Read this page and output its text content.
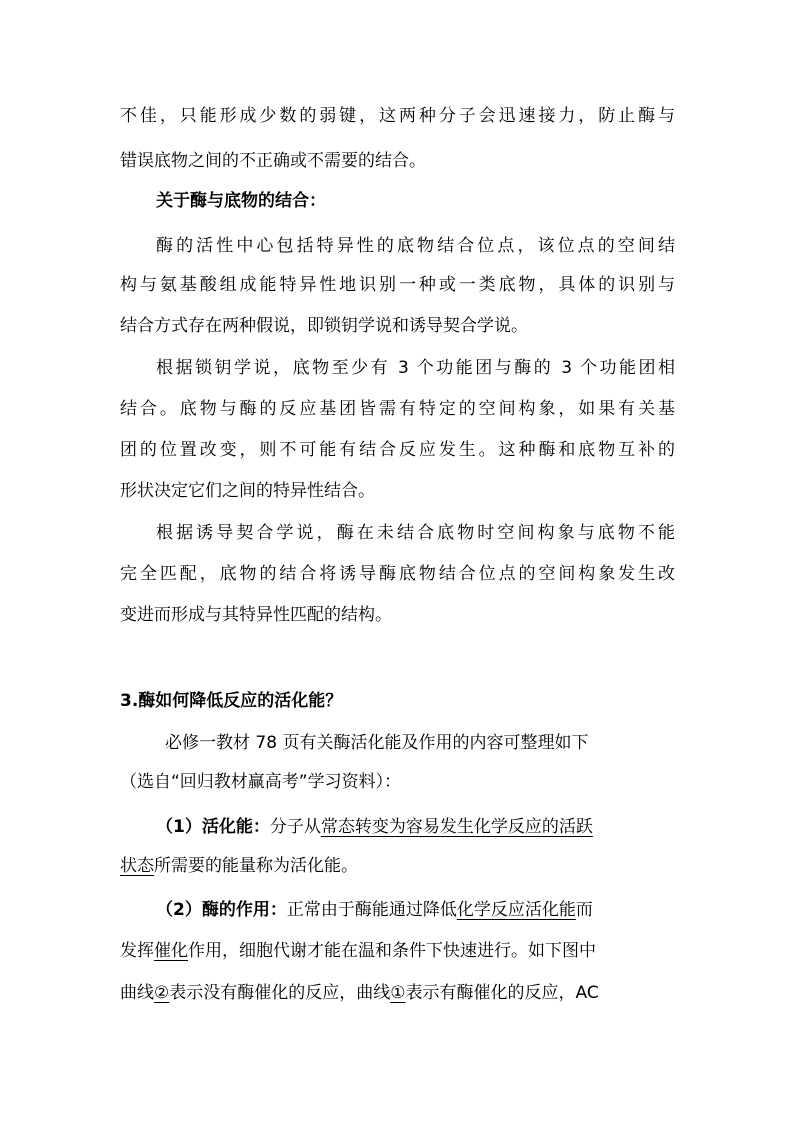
不佳，只能形成少数的弱键，这两种分子会迅速接力，防止酶与
错误底物之间的不正确或不需要的结合。
关于酶与底物的结合：
酶的活性中心包括特异性的底物结合位点，该位点的空间结
构与氨基酸组成能特异性地识别一种或一类底物，具体的识别与
结合方式存在两种假说，即锁钥学说和诱导契合学说。
根据锁钥学说，底物至少有 3 个功能团与酶的 3 个功能团相
结合。底物与酶的反应基团皆需有特定的空间构象，如果有关基
团的位置改变，则不可能有结合反应发生。这种酶和底物互补的
形状决定它们之间的特异性结合。
根据诱导契合学说，酶在未结合底物时空间构象与底物不能
完全匹配，底物的结合将诱导酶底物结合位点的空间构象发生改
变进而形成与其特异性匹配的结构。
3.酶如何降低反应的活化能？
必修一教材 78 页有关酶活化能及作用的内容可整理如下
（选自“回归教材赢高考”学习资料）：
（1）活化能：分子从常态转变为容易发生化学反应的活跃
状态所需要的能量称为活化能。
（2）酶的作用：正常由于酶能通过降低化学反应活化能而
发挥催化作用，细胞代谢才能在温和条件下快速进行。如下图中
曲线②表示没有酶催化的反应，曲线①表示有酶催化的反应，AC
